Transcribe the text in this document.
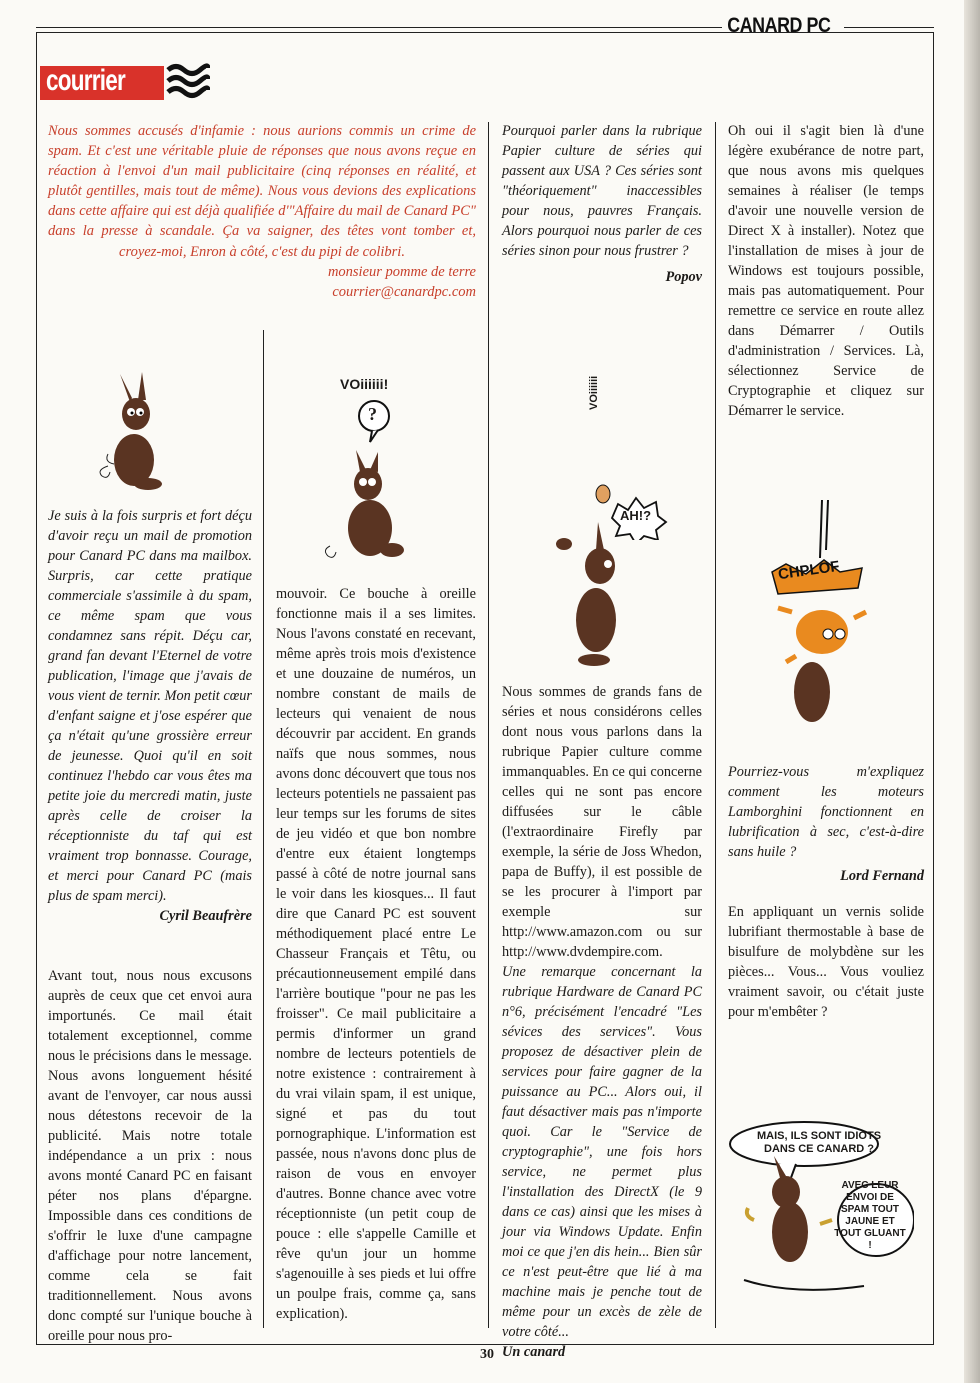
CANARD PC
courrier
Nous sommes accusés d'infamie : nous aurions commis un crime de spam. Et c'est une véritable pluie de réponses que nous avons reçue en réaction à l'envoi d'un mail publicitaire (cinq réponses en réalité, et plutôt gentilles, mais tout de même). Nous vous devions des explications dans cette affaire qui est déjà qualifiée d'"Affaire du mail de Canard PC" dans la presse à scandale. Ça va saigner, des têtes vont tomber et, croyez-moi, Enron à côté, c'est du pipi de colibri.
monsieur pomme de terre
courrier@canardpc.com
VOiiiiii!
?
VOiiiiii
AH!?
CHPLOF
MAIS, ILS SONT IDIOTS DANS CE CANARD ?
AVEC LEUR ENVOI DE SPAM TOUT JAUNE ET TOUT GLUANT !

Je suis à la fois surpris et fort déçu d'avoir reçu un mail de promotion pour Canard PC dans ma mailbox. Surpris, car cette pratique commerciale s'assimile à du spam, ce même spam que vous condamnez sans répit. Déçu car, grand fan devant l'Eternel de votre publication, l'image que j'avais de vous vient de ternir. Mon petit cœur d'enfant saigne et j'ose espérer que ça n'était qu'une grossière erreur de jeunesse. Quoi qu'il en soit continuez l'hebdo car vous êtes ma petite joie du mercredi matin, juste après celle de croiser la réceptionniste du taf qui est vraiment trop bonnasse. Courage, et merci pour Canard PC (mais plus de spam merci).

Cyril Beaufrère

Avant tout, nous nous excusons auprès de ceux que cet envoi aura importunés. Ce mail était totalement exceptionnel, comme nous le précisions dans le message. Nous avons longuement hésité avant de l'envoyer, car nous aussi nous détestons recevoir de la publicité. Mais notre totale indépendance a un prix : nous avons monté Canard PC en faisant péter nos plans d'épargne. Impossible dans ces conditions de s'offrir le luxe d'une campagne d'affichage pour notre lancement, comme cela se fait traditionnellement. Nous avons donc compté sur l'unique bouche à oreille pour nous pro-

mouvoir. Ce bouche à oreille fonctionne mais il a ses limites. Nous l'avons constaté en recevant, même après trois mois d'existence et une douzaine de numéros, un nombre constant de mails de lecteurs qui venaient de nous découvrir par accident. En grands naïfs que nous sommes, nous avons donc découvert que tous nos lecteurs potentiels ne passaient pas leur temps sur les forums de sites de jeu vidéo et que bon nombre d'entre eux étaient longtemps passé à côté de notre journal sans le voir dans les kiosques... Il faut dire que Canard PC est souvent méthodiquement placé entre Le Chasseur Français et Têtu, ou précautionneusement empilé dans l'arrière boutique "pour ne pas les froisser". Ce mail publicitaire a permis d'informer un grand nombre de lecteurs potentiels de notre existence : contrairement à du vrai vilain spam, il est unique, signé et pas du tout pornographique. L'information est passée, nous n'avons donc plus de raison de vous en envoyer d'autres. Bonne chance avec votre réceptionniste (un petit coup de pouce : elle s'appelle Camille et rêve qu'un jour un homme s'agenouille à ses pieds et lui offre un poulpe frais, comme ça, sans explication).

Pourquoi parler dans la rubrique Papier culture de séries qui passent aux USA ? Ces séries sont "théoriquement" inaccessibles pour nous, pauvres Français. Alors pourquoi nous parler de ces séries sinon pour nous frustrer ?

Popov

Nous sommes de grands fans de séries et nous considérons celles dont nous vous parlons dans la rubrique Papier culture comme immanquables. En ce qui concerne celles qui ne sont pas encore diffusées sur le câble (l'extraordinaire Firefly par exemple, la série de Joss Whedon, papa de Buffy), il est possible de se les procurer à l'import par exemple sur http://www.amazon.com ou sur http://www.dvdempire.com.

Une remarque concernant la rubrique Hardware de Canard PC n°6, précisément l'encadré "Les sévices des services". Vous proposez de désactiver plein de services pour faire gagner de la puissance au PC... Alors oui, il faut désactiver mais pas n'importe quoi. Car le "Service de cryptographie", une fois hors service, ne permet plus l'installation des DirectX (le 9 dans ce cas) ainsi que les mises à jour via Windows Update. Enfin moi ce que j'en dis hein... Bien sûr ce n'est peut-être que lié à ma machine mais je penche tout de même pour un excès de zèle de votre côté...

Un canard

Oh oui il s'agit bien là d'une légère exubérance de notre part, que nous avons mis quelques semaines à réaliser (le temps d'avoir une nouvelle version de Direct X à installer). Notez que l'installation de mises à jour de Windows est toujours possible, mais pas automatiquement. Pour remettre ce service en route allez dans Démarrer / Outils d'administration / Services. Là, sélectionnez Service de Cryptographie et cliquez sur Démarrer le service.

Pourriez-vous m'expliquez comment les moteurs Lamborghini fonctionnent en lubrification à sec, c'est-à-dire sans huile ?

Lord Fernand

En appliquant un vernis solide lubrifiant thermostable à base de bisulfure de molybdène sur les pièces... Vous... Vous vouliez vraiment savoir, ou c'était juste pour m'embêter ?

30
